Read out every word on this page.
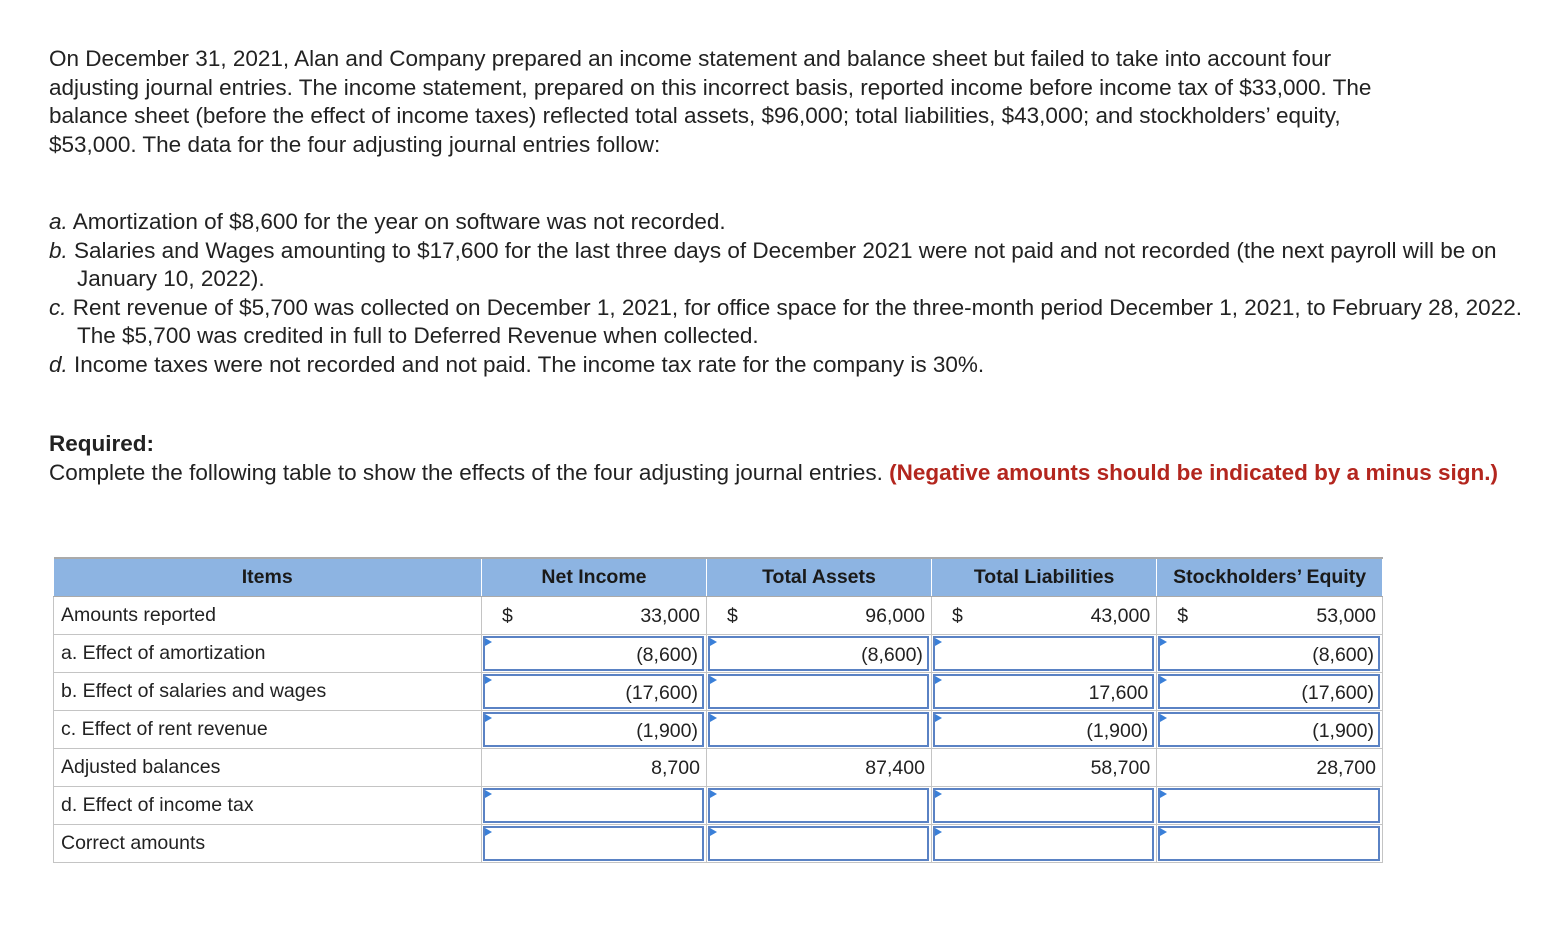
On December 31, 2021, Alan and Company prepared an income statement and balance sheet but failed to take into account four
adjusting journal entries. The income statement, prepared on this incorrect basis, reported income before income tax of $33,000. The
balance sheet (before the effect of income taxes) reflected total assets, $96,000; total liabilities, $43,000; and stockholders’ equity,
$53,000. The data for the four adjusting journal entries follow:
a. Amortization of $8,600 for the year on software was not recorded.
b. Salaries and Wages amounting to $17,600 for the last three days of December 2021 were not paid and not recorded (the next payroll will be on January 10, 2022).
c. Rent revenue of $5,700 was collected on December 1, 2021, for office space for the three-month period December 1, 2021, to February 28, 2022. The $5,700 was credited in full to Deferred Revenue when collected.
d. Income taxes were not recorded and not paid. The income tax rate for the company is 30%.
Required:
Complete the following table to show the effects of the four adjusting journal entries. (Negative amounts should be indicated by a minus sign.)
Items	Net Income	Total Assets	Total Liabilities	Stockholders’ Equity
Amounts reported	$ 33,000	$ 96,000	$ 43,000	$ 53,000

a. Effect of amortization	(8,600)	(8,600)		(8,600)

b. Effect of salaries and wages	(17,600)		17,600	(17,600)

c. Effect of rent revenue	(1,900)		(1,900)	(1,900)

Adjusted balances	8,700	87,400	58,700	28,700

d. Effect of income tax	

Correct amounts	
